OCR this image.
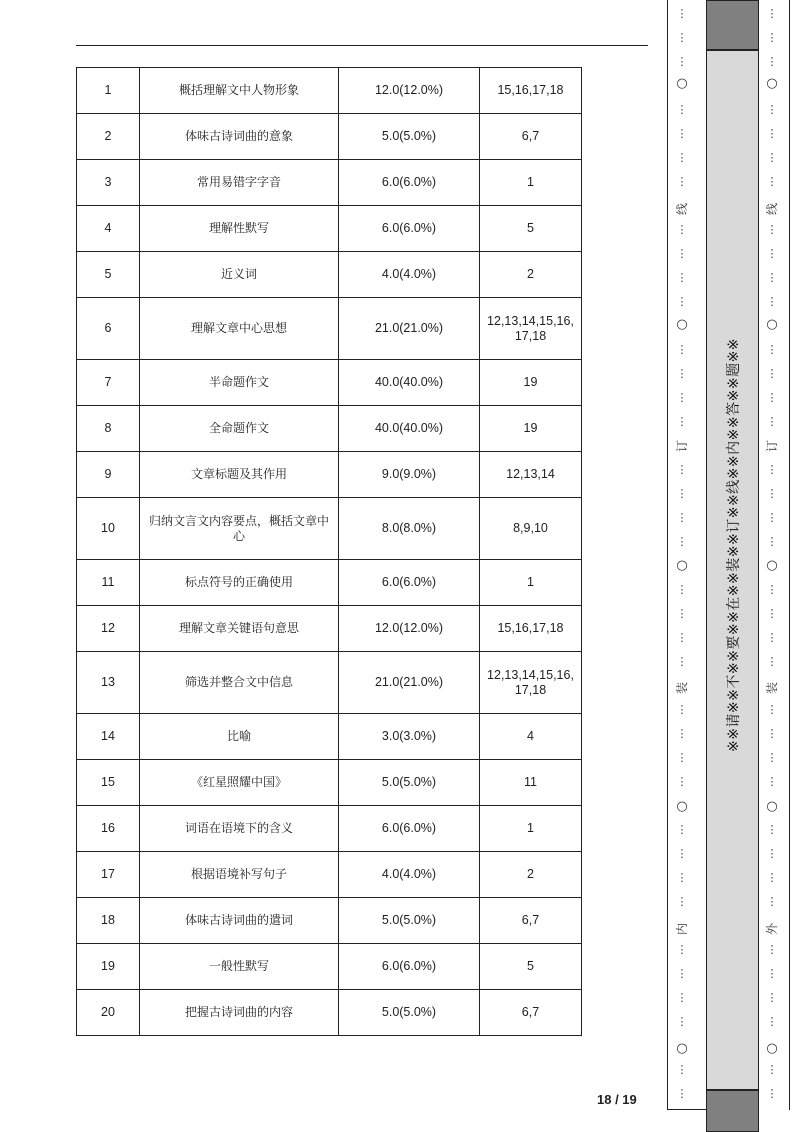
1	概括理解文中人物形象	12.0(12.0%)	15,16,17,18
2	体味古诗词曲的意象	5.0(5.0%)	6,7
3	常用易错字字音	6.0(6.0%)	1
4	理解性默写	6.0(6.0%)	5
5	近义词	4.0(4.0%)	2
6	理解文章中心思想	21.0(21.0%)	12,13,14,15,16,
17,18
7	半命题作文	40.0(40.0%)	19
8	全命题作文	40.0(40.0%)	19
9	文章标题及其作用	9.0(9.0%)	12,13,14
10	归纳文言文内容要点，概括文章中心	8.0(8.0%)	8,9,10
11	标点符号的正确使用	6.0(6.0%)	1
12	理解文章关键语句意思	12.0(12.0%)	15,16,17,18
13	筛选并整合文中信息	21.0(21.0%)	12,13,14,15,16,
17,18
14	比喻	3.0(3.0%)	4
15	《红星照耀中国》	5.0(5.0%)	11
16	词语在语境下的含义	6.0(6.0%)	1
17	根据语境补写句子	4.0(4.0%)	2
18	体味古诗词曲的遣词	5.0(5.0%)	6,7
19	一般性默写	6.0(6.0%)	5
20	把握古诗词曲的内容	5.0(5.0%)	6,7
18 / 19
※※请※※不※※要※※在※※装※※订※※线※※内※※答※※题※※
⋮
⋮
⋮
⋮
⋮
⋮
⋮
⋮
⋮
⋮
⋮
⋮
⋮
⋮
⋮
⋮
⋮
⋮
⋮
⋮
⋮
⋮
⋮
⋮
⋮
⋮
⋮
⋮
⋮
⋮
⋮
⋮
⋮
⋮
⋮
⋮
⋮
○
○
○
○
○
线
订
装
内
⋮
⋮
⋮
⋮
⋮
⋮
⋮
⋮
⋮
⋮
⋮
⋮
⋮
⋮
⋮
⋮
⋮
⋮
⋮
⋮
⋮
⋮
⋮
⋮
⋮
⋮
⋮
⋮
⋮
⋮
⋮
⋮
⋮
⋮
⋮
⋮
⋮
○
○
○
○
○
线
订
装
外
